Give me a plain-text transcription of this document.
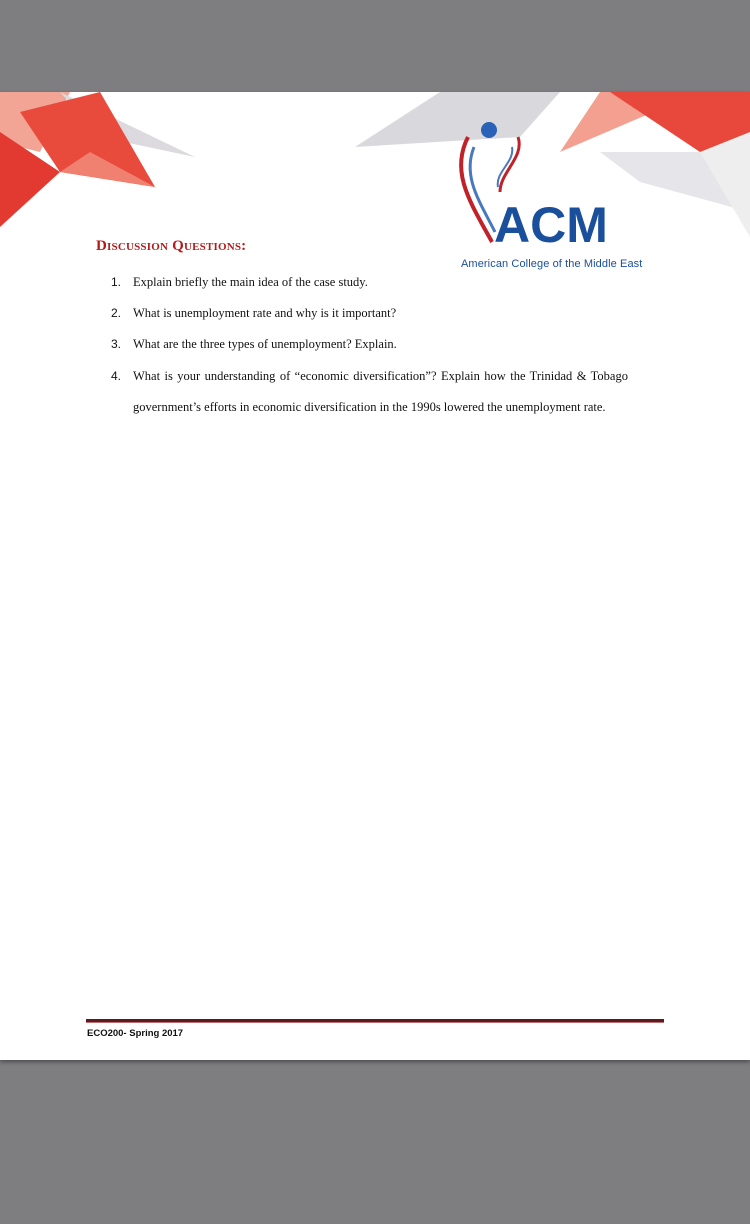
ACM
American College of the Middle East
Discussion Questions:
1. Explain briefly the main idea of the case study.
2. What is unemployment rate and why is it important?
3. What are the three types of unemployment? Explain.
4. What is your understanding of “economic diversification”? Explain how the Trinidad & Tobago
government’s efforts in economic diversification in the 1990s lowered the unemployment rate.
ECO200- Spring 2017
